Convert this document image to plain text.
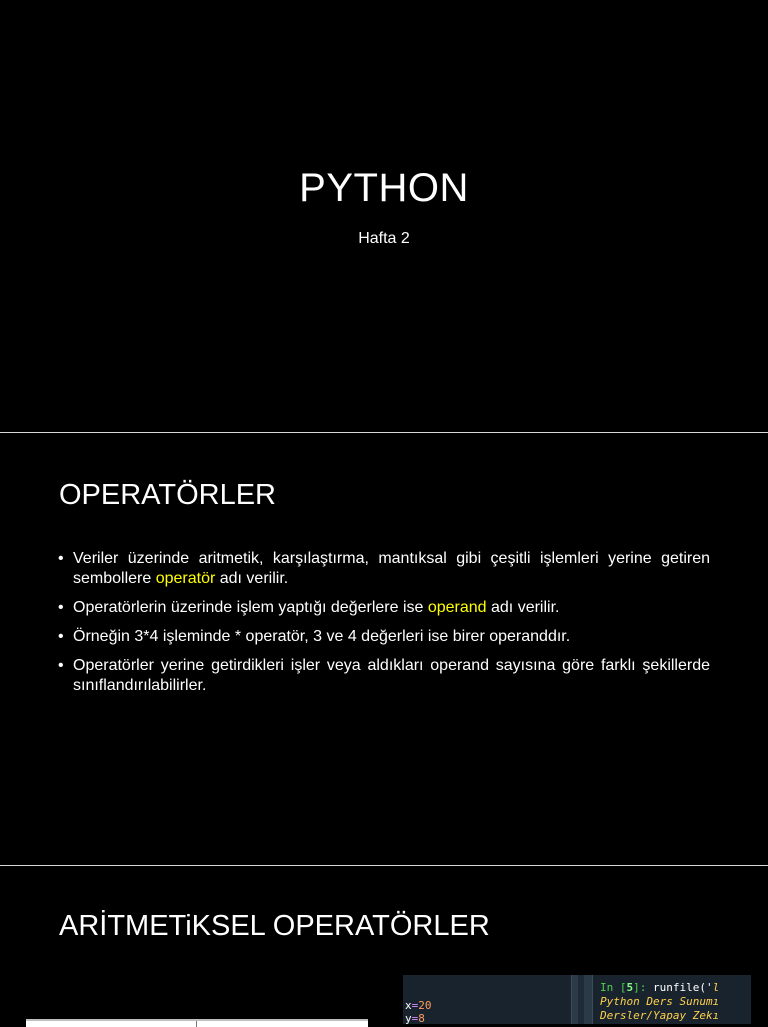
PYTHON
Hafta 2
OPERATÖRLER
• Veriler üzerinde aritmetik, karşılaştırma, mantıksal gibi çeşitli işlemleri yerine getiren sembollere operatör adı verilir.
• Operatörlerin üzerinde işlem yaptığı değerlere ise operand adı verilir.
• Örneğin 3*4 işleminde * operatör, 3 ve 4 değerleri ise birer operanddır.
• Operatörler yerine getirdikleri işler veya aldıkları operand sayısına göre farklı şekillerde sınıflandırılabilirler.
ARİTMETiKSEL OPERATÖRLER
x=20
y=8
In [5]: runfile('l
Python Ders Sunumı
Dersler/Yapay Zekı
